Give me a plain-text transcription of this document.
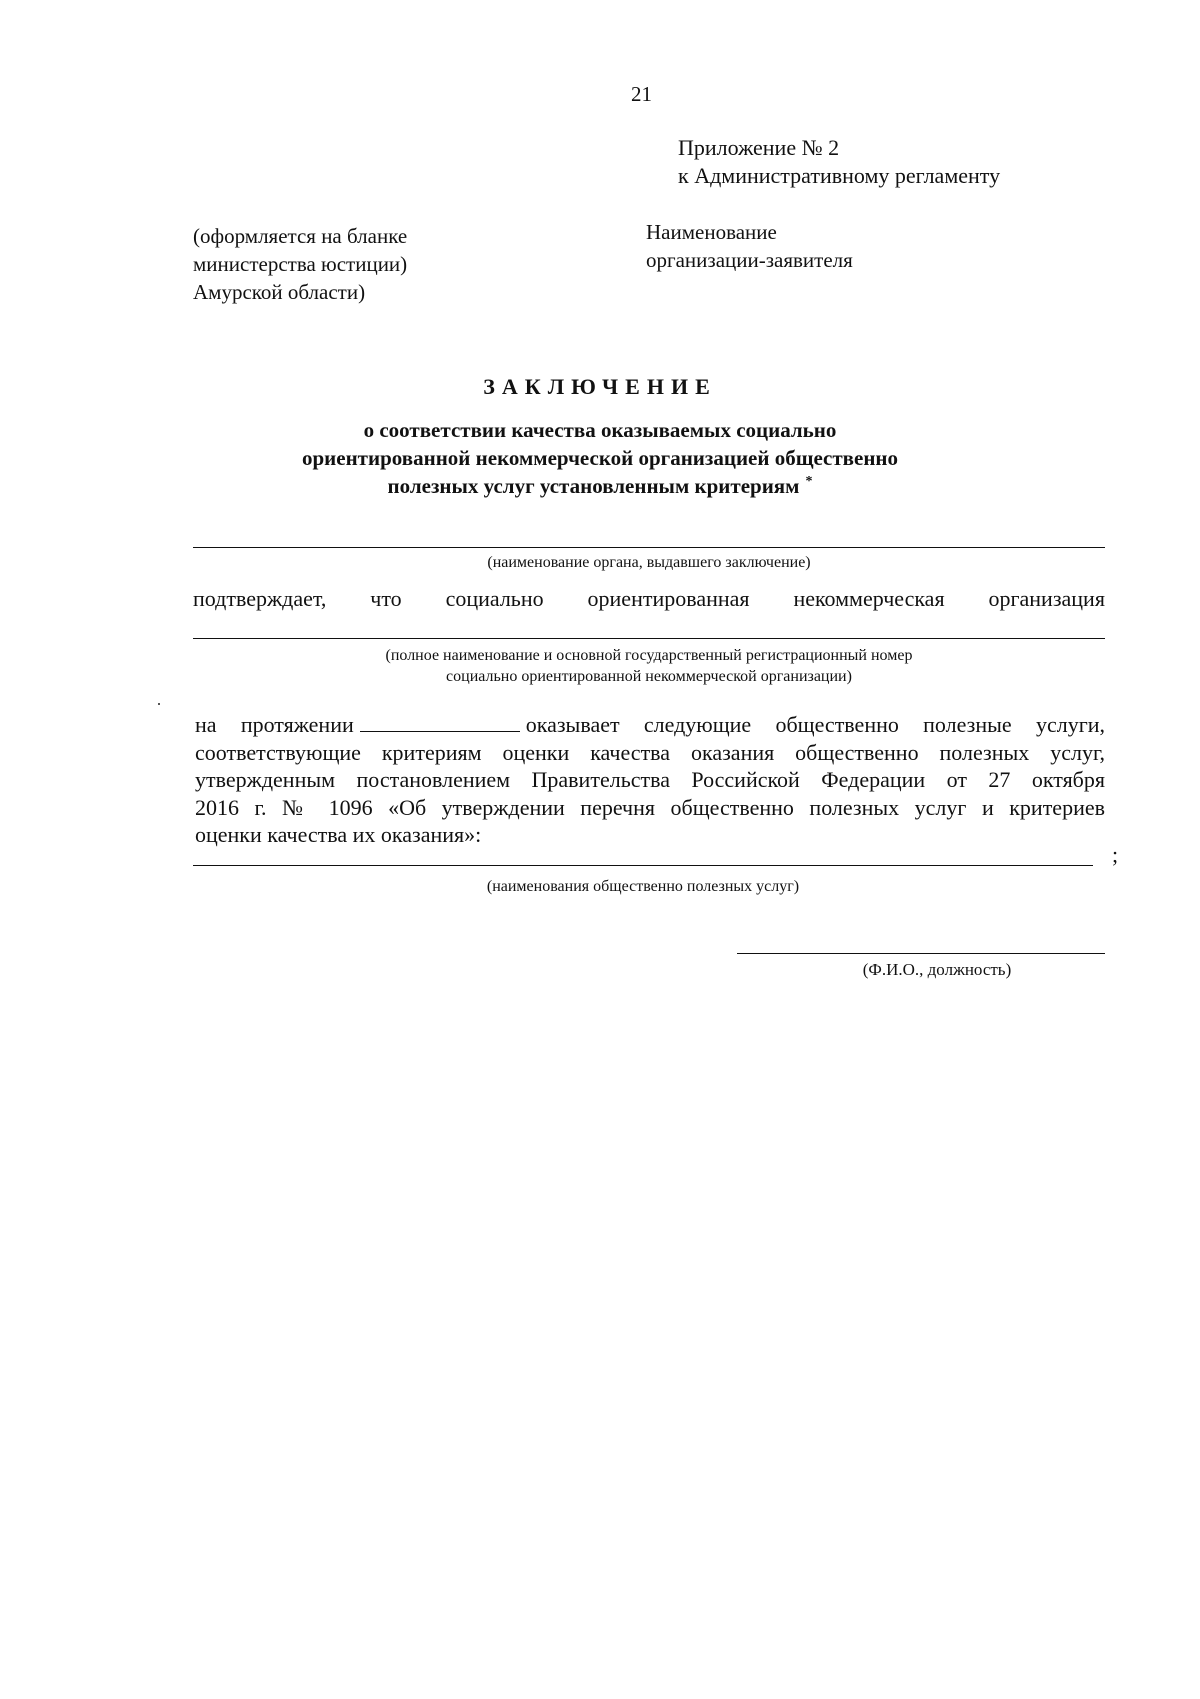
21
Приложение № 2
к Административному регламенту
(оформляется на бланке
министерства юстиции)
Амурской области)
Наименование
организации-заявителя
ЗАКЛЮЧЕНИЕ
о соответствии качества оказываемых социально
ориентированной некоммерческой организацией общественно
полезных услуг установленным критериям *
(наименование органа, выдавшего заключение)
подтверждает, что социально ориентированная некоммерческая организация
(полное наименование и основной государственный регистрационный номер
социально ориентированной некоммерческой организации)
на протяжении	оказывает следующие общественно полезные услуги,
соответствующие критериям оценки качества оказания общественно полезных услуг,
утвержденным постановлением Правительства Российской Федерации от 27 октября
2016 г. № 1096 «Об утверждении перечня общественно полезных услуг и критериев
оценки качества их оказания»:
;
(наименования общественно полезных услуг)
(Ф.И.О., должность)
